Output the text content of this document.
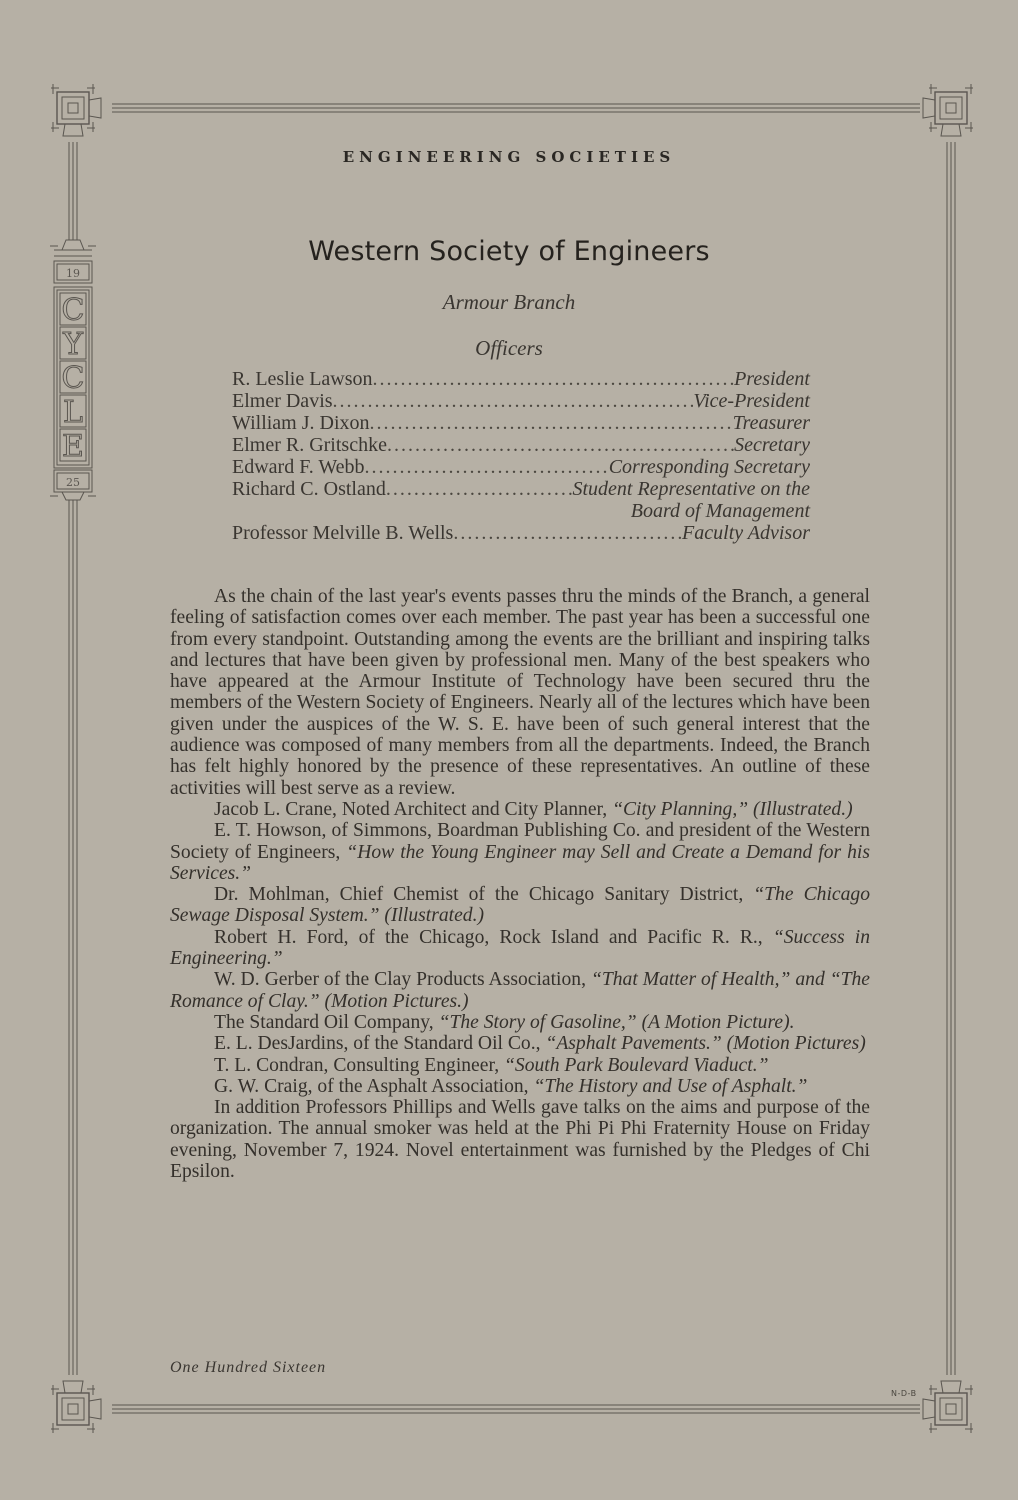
19
25
C
Y
C
L
E
ENGINEERING SOCIETIES
Western Society of Engineers
Armour Branch
Officers
R. Leslie Lawson .....	President
Elmer Davis .....	Vice-President
William J. Dixon .....	Treasurer
Elmer R. Gritschke .....	Secretary
Edward F. Webb .....	Corresponding Secretary
Richard C. Ostland .....	Student Representative on the
Board of Management
Professor Melville B. Wells .....	Faculty Advisor

As the chain of the last year's events passes thru the minds of the Branch, a general feeling of satisfaction comes over each member. The past year has been a successful one from every standpoint. Outstanding among the events are the brilliant and inspiring talks and lectures that have been given by professional men. Many of the best speakers who have appeared at the Armour Institute of Technology have been secured thru the members of the Western Society of Engineers. Nearly all of the lectures which have been given under the auspices of the W. S. E. have been of such general interest that the audience was composed of many members from all the departments. Indeed, the Branch has felt highly honored by the presence of these representatives. An outline of these activities will best serve as a review.

Jacob L. Crane, Noted Architect and City Planner, “City Planning,” (Illustrated.)

E. T. Howson, of Simmons, Boardman Publishing Co. and president of the Western Society of Engineers, “How the Young Engineer may Sell and Create a Demand for his Services.”

Dr. Mohlman, Chief Chemist of the Chicago Sanitary District, “The Chicago Sewage Disposal System.” (Illustrated.)

Robert H. Ford, of the Chicago, Rock Island and Pacific R. R., “Success in Engineering.”

W. D. Gerber of the Clay Products Association, “That Matter of Health,” and “The Romance of Clay.” (Motion Pictures.)

The Standard Oil Company, “The Story of Gasoline,” (A Motion Picture).

E. L. DesJardins, of the Standard Oil Co., “Asphalt Pavements.” (Motion Pictures)

T. L. Condran, Consulting Engineer, “South Park Boulevard Viaduct.”

G. W. Craig, of the Asphalt Association, “The History and Use of Asphalt.”

In addition Professors Phillips and Wells gave talks on the aims and purpose of the organization. The annual smoker was held at the Phi Pi Phi Fraternity House on Friday evening, November 7, 1924. Novel entertainment was furnished by the Pledges of Chi Epsilon.

One Hundred Sixteen
N-D-B
